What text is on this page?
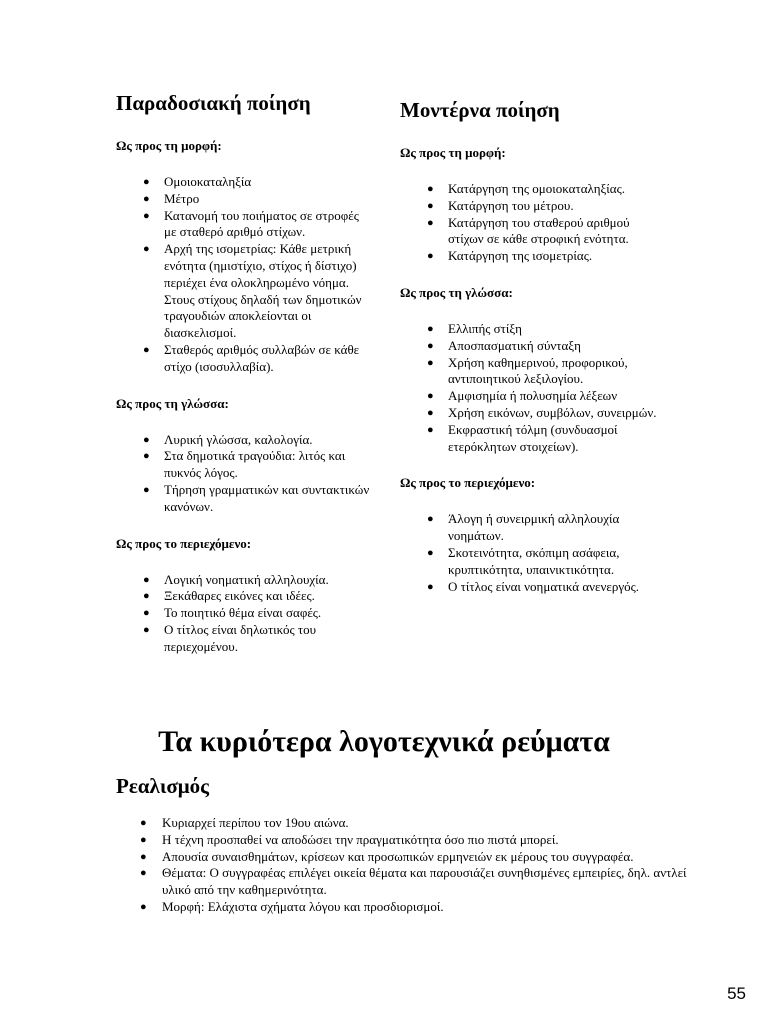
Παραδοσιακή ποίηση
Ως προς τη μορφή:
● Ομοιοκαταληξία
● Μέτρο
● Κατανομή του ποιήματος σε στροφές με σταθερό αριθμό στίχων.
● Αρχή της ισομετρίας: Κάθε μετρική ενότητα (ημιστίχιο, στίχος ή δίστιχο) περιέχει ένα ολοκληρωμένο νόημα. Στους στίχους δηλαδή των δημοτικών τραγουδιών αποκλείονται οι διασκελισμοί.
● Σταθερός αριθμός συλλαβών σε κάθε στίχο (ισοσυλλαβία).
Ως προς τη γλώσσα:
● Λυρική γλώσσα, καλολογία.
● Στα δημοτικά τραγούδια: λιτός και πυκνός λόγος.
● Τήρηση γραμματικών και συντακτικών κανόνων.
Ως προς το περιεχόμενο:
● Λογική νοηματική αλληλουχία.
● Ξεκάθαρες εικόνες και ιδέες.
● Το ποιητικό θέμα είναι σαφές.
● Ο τίτλος είναι δηλωτικός του περιεχομένου.
Μοντέρνα ποίηση
Ως προς τη μορφή:
● Κατάργηση της ομοιοκαταληξίας.
● Κατάργηση του μέτρου.
● Κατάργηση του σταθερού αριθμού στίχων σε κάθε στροφική ενότητα.
● Κατάργηση της ισομετρίας.
Ως προς τη γλώσσα:
● Ελλιπής στίξη
● Αποσπασματική σύνταξη
● Χρήση καθημερινού, προφορικού, αντιποιητικού λεξιλογίου.
● Αμφισημία ή πολυσημία λέξεων
● Χρήση εικόνων, συμβόλων, συνειρμών.
● Εκφραστική τόλμη (συνδυασμοί ετερόκλητων στοιχείων).
Ως προς το περιεχόμενο:
● Άλογη ή συνειρμική αλληλουχία νοημάτων.
● Σκοτεινότητα, σκόπιμη ασάφεια, κρυπτικότητα, υπαινικτικότητα.
● Ο τίτλος είναι νοηματικά ανενεργός.
Τα κυριότερα λογοτεχνικά ρεύματα
Ρεαλισμός
● Κυριαρχεί περίπου τον 19ου αιώνα.
● Η τέχνη προσπαθεί να αποδώσει την πραγματικότητα όσο πιο πιστά μπορεί.
● Απουσία συναισθημάτων, κρίσεων και προσωπικών ερμηνειών εκ μέρους του συγγραφέα.
● Θέματα: Ο συγγραφέας επιλέγει οικεία θέματα και παρουσιάζει συνηθισμένες εμπειρίες, δηλ. αντλεί υλικό από την καθημερινότητα.
● Μορφή: Ελάχιστα σχήματα λόγου και προσδιορισμοί.
55
